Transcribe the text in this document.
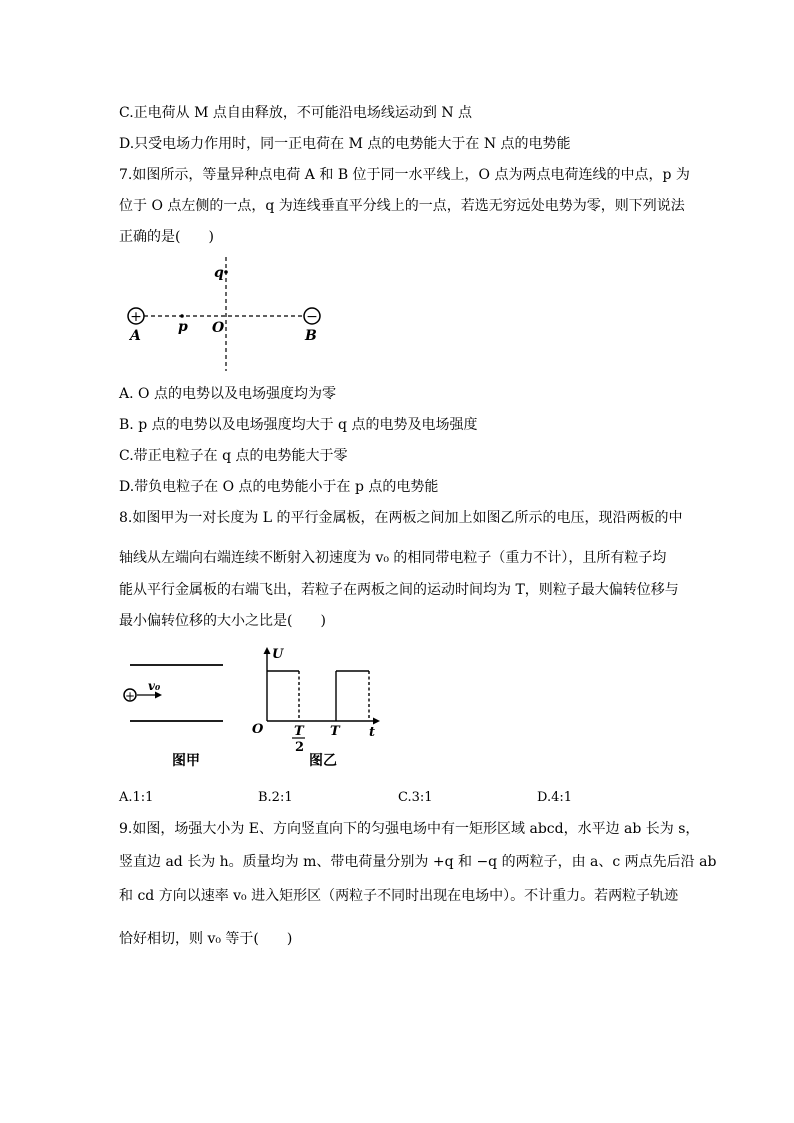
C.正电荷从 M 点自由释放，不可能沿电场线运动到 N 点
D.只受电场力作用时，同一正电荷在 M 点的电势能大于在 N 点的电势能
7.如图所示，等量异种点电荷 A 和 B 位于同一水平线上，O 点为两点电荷连线的中点，p 为
位于 O 点左侧的一点，q 为连线垂直平分线上的一点，若选无穷远处电势为零，则下列说法
正确的是(　　)
+	−
q
p O
A	B
A. O 点的电势以及电场强度均为零
B. p 点的电势以及电场强度均大于 q 点的电势及电场强度
C.带正电粒子在 q 点的电势能大于零
D.带负电粒子在 O 点的电势能小于在 p 点的电势能
8.如图甲为一对长度为 L 的平行金属板，在两板之间加上如图乙所示的电压，现沿两板的中
轴线从左端向右端连续不断射入初速度为 v₀ 的相同带电粒子（重力不计），且所有粒子均
能从平行金属板的右端飞出，若粒子在两板之间的运动时间均为 T，则粒子最大偏转位移与
最小偏转位移的大小之比是(　　)
+
v₀
图甲
U
O T
2
T t
图乙
A.1:1	B.2:1	C.3:1	D.4:1
9.如图，场强大小为 E、方向竖直向下的匀强电场中有一矩形区域 abcd，水平边 ab 长为 s，
竖直边 ad 长为 h。质量均为 m、带电荷量分别为 +q 和 −q 的两粒子，由 a、c 两点先后沿 ab
和 cd 方向以速率 v₀ 进入矩形区（两粒子不同时出现在电场中）。不计重力。若两粒子轨迹
恰好相切，则 v₀ 等于(　　)
